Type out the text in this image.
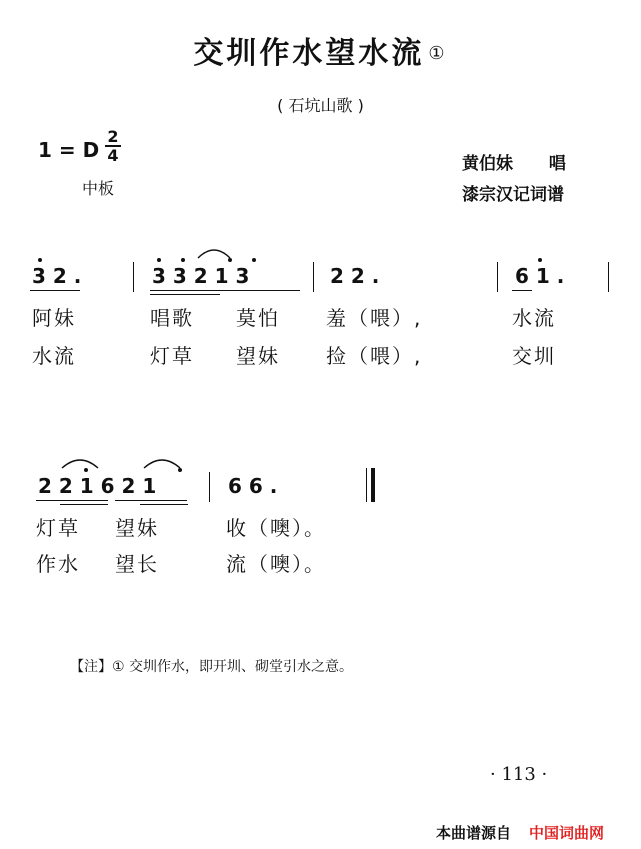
交圳作水望水流 ①
( 石坑山歌 )
1 = D
2
4
中板
黄伯妹 唱
漆宗汉记词谱
3 2 .	3 3 2 1 3	2 2 .	6 1 .
阿妹	唱歌 莫怕 羞（喂）,	水流
水流	灯草 望妹 捡（喂）,	交圳
2 2 1 6 2 1	6 6 .
灯草 望妹	收（噢）。
作水 望长	流（噢）。
【注】① 交圳作水，即开圳、砌堂引水之意。
· 113 ·
本曲谱源自 中国词曲网
